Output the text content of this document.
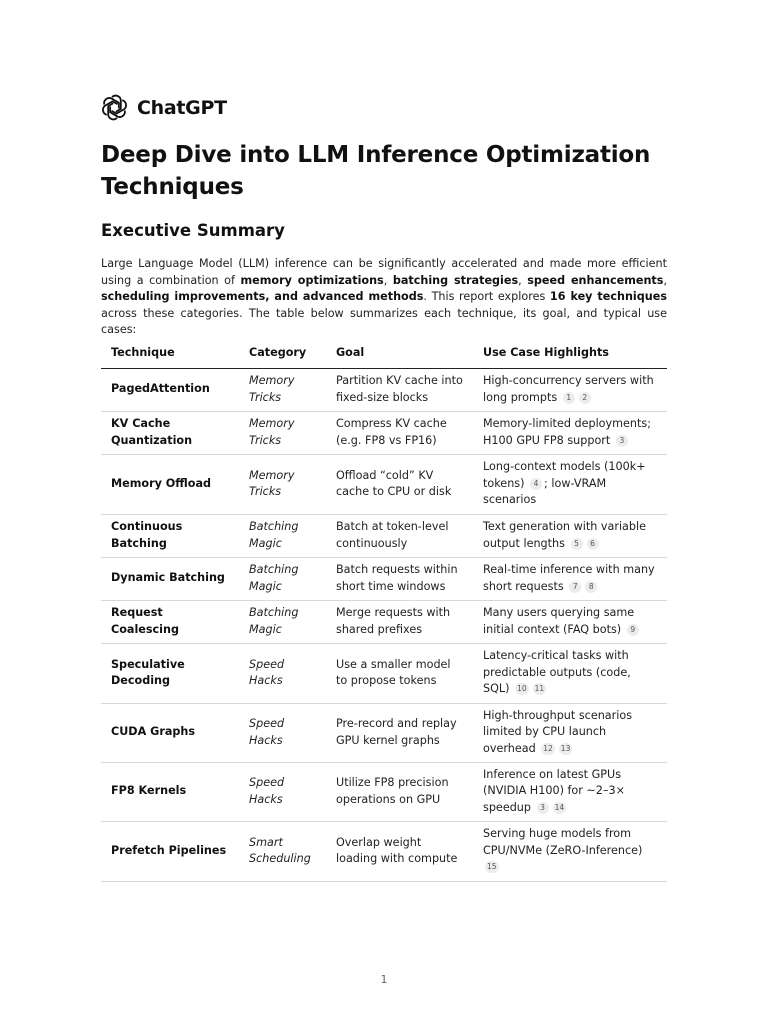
ChatGPT
Deep Dive into LLM Inference Optimization Techniques
Executive Summary

Large Language Model (LLM) inference can be significantly accelerated and made more efficient using a combination of memory optimizations, batching strategies, speed enhancements, scheduling improvements, and advanced methods. This report explores 16 key techniques across these categories. The table below summarizes each technique, its goal, and typical use cases:

Technique	Category	Goal	Use Case Highlights
PagedAttention	Memory Tricks	Partition KV cache into fixed-size blocks	High-concurrency servers with long prompts 1 2
KV Cache Quantization	Memory Tricks	Compress KV cache (e.g. FP8 vs FP16)	Memory-limited deployments; H100 GPU FP8 support 3
Memory Offload	Memory Tricks	Offload “cold” KV cache to CPU or disk	Long-context models (100k+ tokens) 4 ; low-VRAM scenarios
Continuous Batching	Batching Magic	Batch at token-level continuously	Text generation with variable output lengths 5 6
Dynamic Batching	Batching Magic	Batch requests within short time windows	Real-time inference with many short requests 7 8
Request Coalescing	Batching Magic	Merge requests with shared prefixes	Many users querying same initial context (FAQ bots) 9
Speculative Decoding	Speed Hacks	Use a smaller model to propose tokens	Latency-critical tasks with predictable outputs (code, SQL) 10 11
CUDA Graphs	Speed Hacks	Pre-record and replay GPU kernel graphs	High-throughput scenarios limited by CPU launch overhead 12 13
FP8 Kernels	Speed Hacks	Utilize FP8 precision operations on GPU	Inference on latest GPUs (NVIDIA H100) for ~2–3× speedup 3 14
Prefetch Pipelines	Smart Scheduling	Overlap weight loading with compute	Serving huge models from CPU/NVMe (ZeRO-Inference) 15
1
